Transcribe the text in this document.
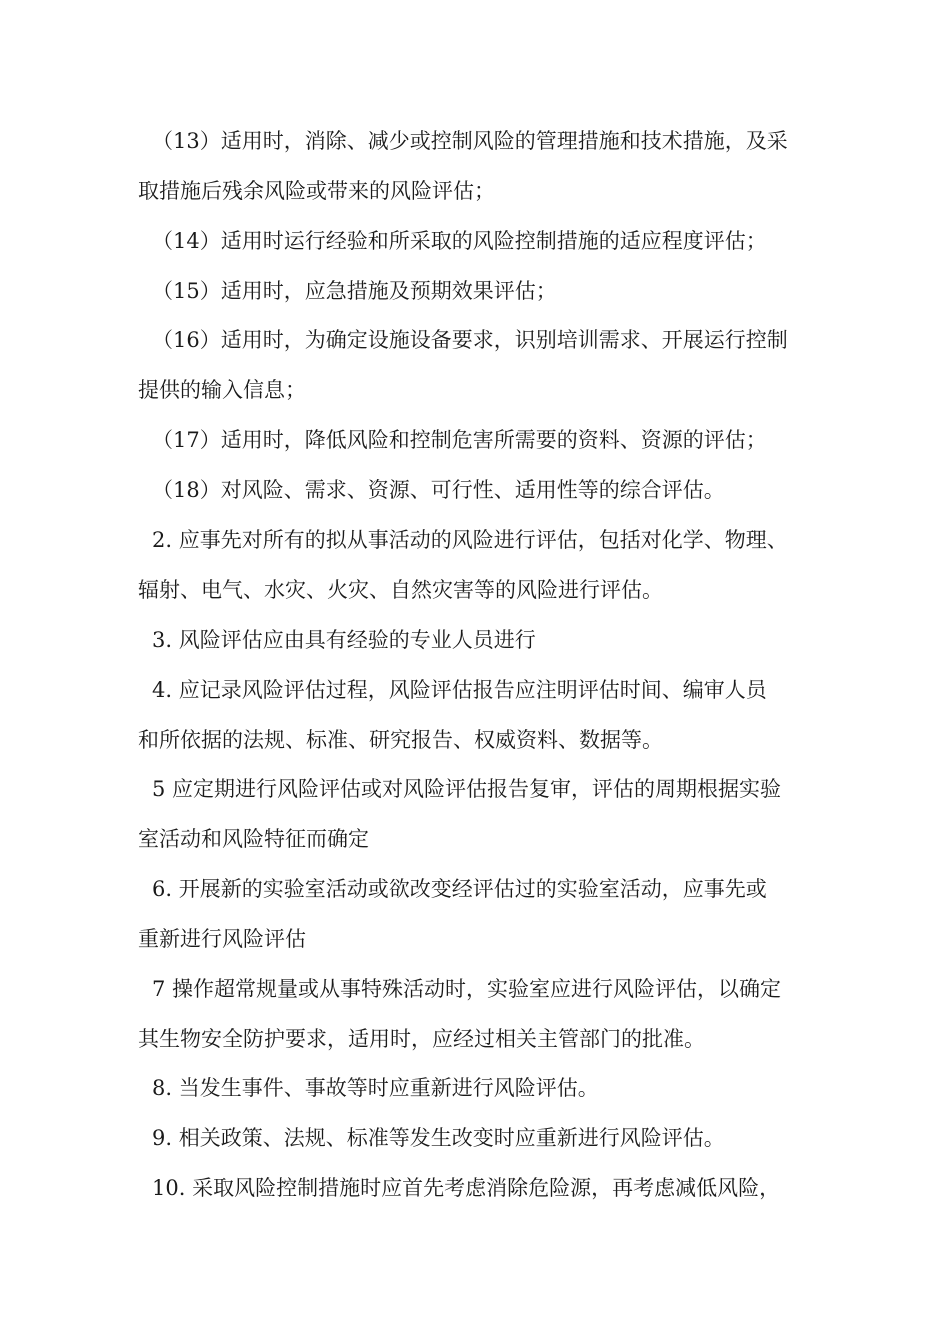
（13）适用时，消除、减少或控制风险的管理措施和技术措施，及采
取措施后残余风险或带来的风险评估；
（14）适用时运行经验和所采取的风险控制措施的适应程度评估；
（15）适用时，应急措施及预期效果评估；
（16）适用时，为确定设施设备要求，识别培训需求、开展运行控制
提供的输入信息；
（17）适用时，降低风险和控制危害所需要的资料、资源的评估；
（18）对风险、需求、资源、可行性、适用性等的综合评估。
2. 应事先对所有的拟从事活动的风险进行评估，包括对化学、物理、
辐射、电气、水灾、火灾、自然灾害等的风险进行评估。
3. 风险评估应由具有经验的专业人员进行
4. 应记录风险评估过程，风险评估报告应注明评估时间、编审人员
和所依据的法规、标准、研究报告、权威资料、数据等。
5 应定期进行风险评估或对风险评估报告复审，评估的周期根据实验
室活动和风险特征而确定
6. 开展新的实验室活动或欲改变经评估过的实验室活动，应事先或
重新进行风险评估
7 操作超常规量或从事特殊活动时，实验室应进行风险评估，以确定
其生物安全防护要求，适用时，应经过相关主管部门的批准。
8. 当发生事件、事故等时应重新进行风险评估。
9. 相关政策、法规、标准等发生改变时应重新进行风险评估。
10. 采取风险控制措施时应首先考虑消除危险源，再考虑减低风险，
